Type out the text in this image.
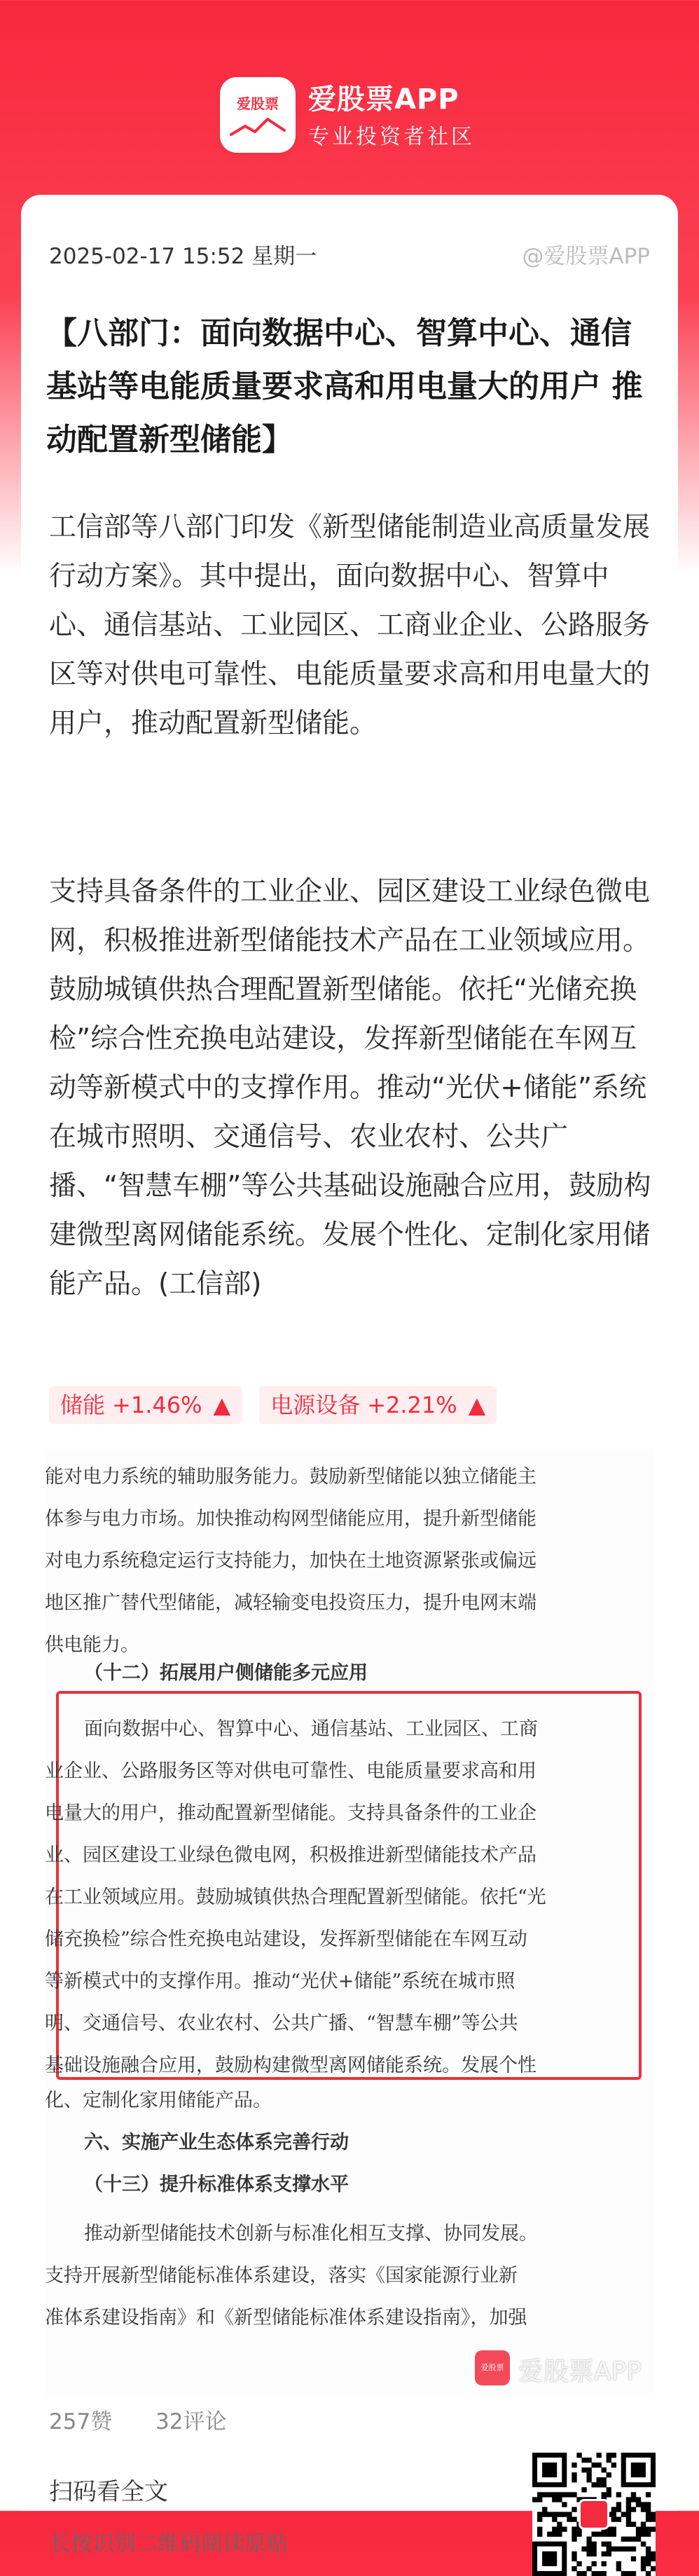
爱股票	爱股票APP
专业投资者社区
2025-02-17 15:52 星期一	@爱股票APP
【八部门：面向数据中心、智算中心、通信基站等电能质量要求高和用电量大的用户 推动配置新型储能】

工信部等八部门印发《新型储能制造业高质量发展行动方案》。其中提出，面向数据中心、智算中心、通信基站、工业园区、工商业企业、公路服务区等对供电可靠性、电能质量要求高和用电量大的用户，推动配置新型储能。

支持具备条件的工业企业、园区建设工业绿色微电网，积极推进新型储能技术产品在工业领域应用。鼓励城镇供热合理配置新型储能。依托“光储充换检”综合性充换电站建设，发挥新型储能在车网互动等新模式中的支撑作用。推动“光伏+储能”系统在城市照明、交通信号、农业农村、公共广播、“智慧车棚”等公共基础设施融合应用，鼓励构建微型离网储能系统。发展个性化、定制化家用储能产品。(工信部)

储能 +1.46% ▲ 电源设备 +2.21% ▲
能对电力系统的辅助服务能力。鼓励新型储能以独立储能主
体参与电力市场。加快推动构网型储能应用，提升新型储能
对电力系统稳定运行支持能力，加快在土地资源紧张或偏远
地区推广替代型储能，减轻输变电投资压力，提升电网末端
供电能力。
（十二）拓展用户侧储能多元应用
面向数据中心、智算中心、通信基站、工业园区、工商
业企业、公路服务区等对供电可靠性、电能质量要求高和用
电量大的用户，推动配置新型储能。支持具备条件的工业企
业、园区建设工业绿色微电网，积极推进新型储能技术产品
在工业领域应用。鼓励城镇供热合理配置新型储能。依托“光
储充换检”综合性充换电站建设，发挥新型储能在车网互动
等新模式中的支撑作用。推动“光伏+储能”系统在城市照
明、交通信号、农业农村、公共广播、“智慧车棚”等公共
基础设施融合应用，鼓励构建微型离网储能系统。发展个性
化、定制化家用储能产品。
六、实施产业生态体系完善行动
（十三）提升标准体系支撑水平
推动新型储能技术创新与标准化相互支撑、协同发展。
支持开展新型储能标准体系建设，落实《国家能源行业新
准体系建设指南》和《新型储能标准体系建设指南》，加强
爱股票 爱股票APP
257赞 32评论
扫码看全文
长按识别二维码阅读原贴
